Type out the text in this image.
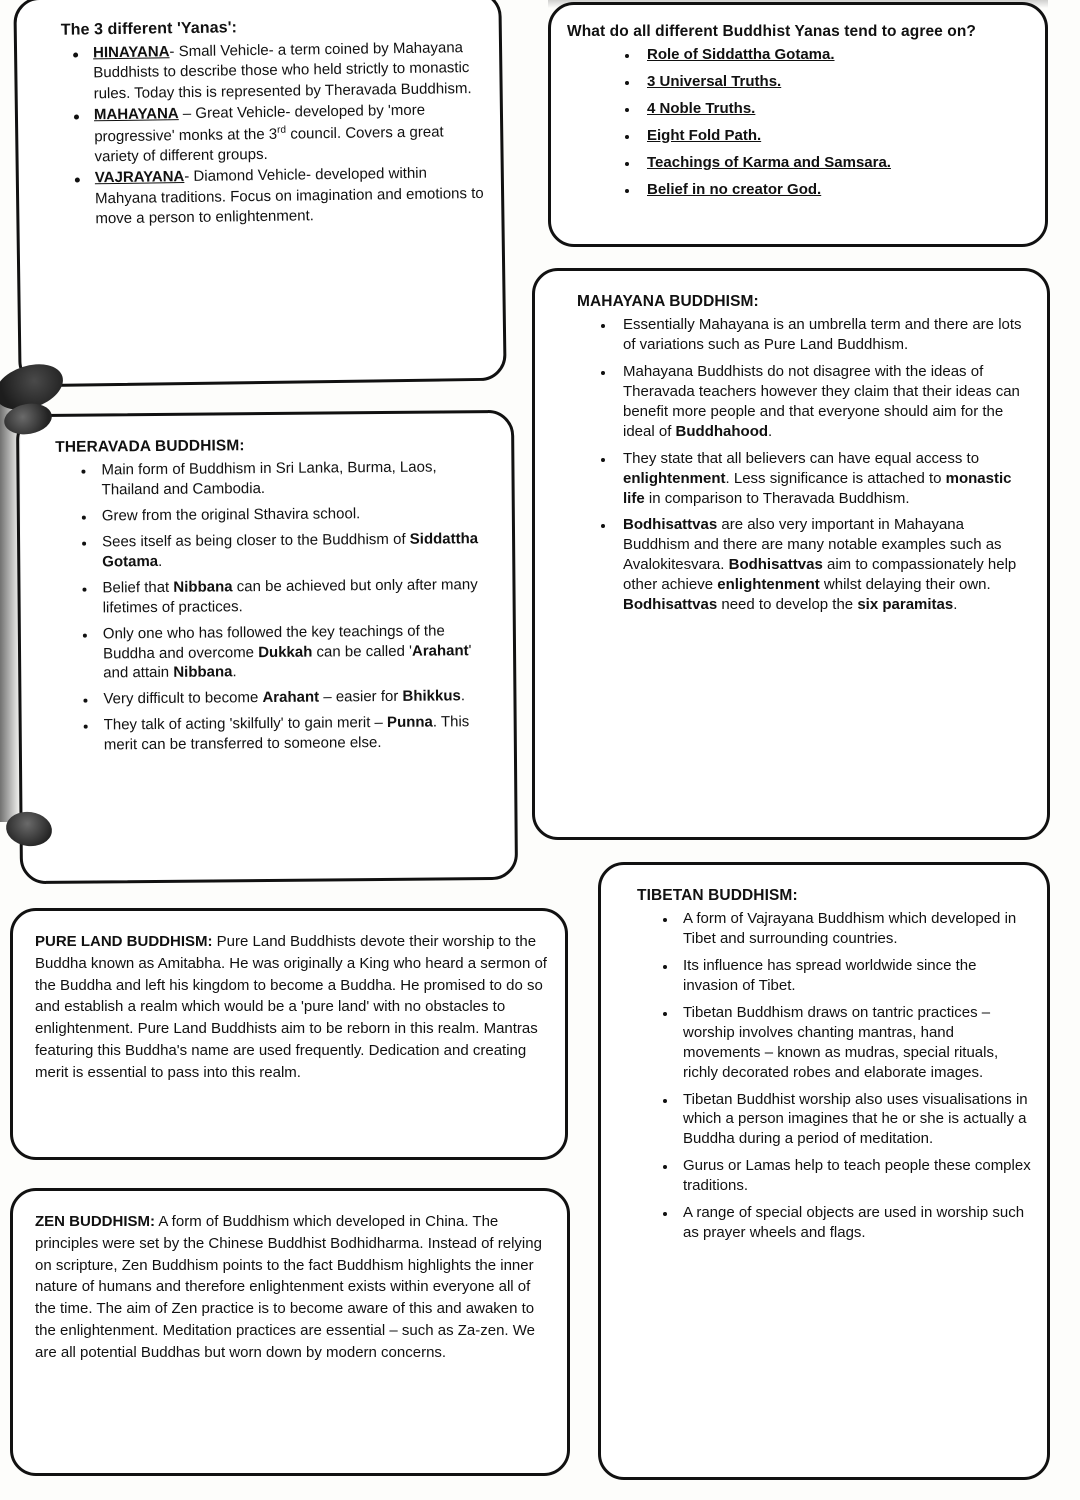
The 3 different 'Yanas':
HINAYANA- Small Vehicle- a term coined by Mahayana Buddhists to describe those who held strictly to monastic rules. Today this is represented by Theravada Buddhism.
MAHAYANA – Great Vehicle- developed by 'more progressive' monks at the 3rd council. Covers a great variety of different groups.
VAJRAYANA- Diamond Vehicle- developed within Mahyana traditions. Focus on imagination and emotions to move a person to enlightenment.
What do all different Buddhist Yanas tend to agree on?
Role of Siddattha Gotama.
3 Universal Truths.
4 Noble Truths.
Eight Fold Path.
Teachings of Karma and Samsara.
Belief in no creator God.
THERAVADA BUDDHISM:
Main form of Buddhism in Sri Lanka, Burma, Laos, Thailand and Cambodia.
Grew from the original Sthavira school.
Sees itself as being closer to the Buddhism of Siddattha Gotama.
Belief that Nibbana can be achieved but only after many lifetimes of practices.
Only one who has followed the key teachings of the Buddha and overcome Dukkah can be called 'Arahant' and attain Nibbana.
Very difficult to become Arahant – easier for Bhikkus.
They talk of acting 'skilfully' to gain merit – Punna. This merit can be transferred to someone else.
MAHAYANA BUDDHISM:
Essentially Mahayana is an umbrella term and there are lots of variations such as Pure Land Buddhism.
Mahayana Buddhists do not disagree with the ideas of Theravada teachers however they claim that their ideas can benefit more people and that everyone should aim for the ideal of Buddhahood.
They state that all believers can have equal access to enlightenment. Less significance is attached to monastic life in comparison to Theravada Buddhism.
Bodhisattvas are also very important in Mahayana Buddhism and there are many notable examples such as Avalokitesvara. Bodhisattvas aim to compassionately help other achieve enlightenment whilst delaying their own. Bodhisattvas need to develop the six paramitas.

PURE LAND BUDDHISM: Pure Land Buddhists devote their worship to the Buddha known as Amitabha. He was originally a King who heard a sermon of the Buddha and left his kingdom to become a Buddha. He promised to do so and establish a realm which would be a 'pure land' with no obstacles to enlightenment. Pure Land Buddhists aim to be reborn in this realm. Mantras featuring this Buddha's name are used frequently. Dedication and creating merit is essential to pass into this realm.

ZEN BUDDHISM: A form of Buddhism which developed in China. The principles were set by the Chinese Buddhist Bodhidharma. Instead of relying on scripture, Zen Buddhism points to the fact Buddhism highlights the inner nature of humans and therefore enlightenment exists within everyone all of the time. The aim of Zen practice is to become aware of this and awaken to the enlightenment. Meditation practices are essential – such as Za-zen. We are all potential Buddhas but worn down by modern concerns.

TIBETAN BUDDHISM:
A form of Vajrayana Buddhism which developed in Tibet and surrounding countries.
Its influence has spread worldwide since the invasion of Tibet.
Tibetan Buddhism draws on tantric practices – worship involves chanting mantras, hand movements – known as mudras, special rituals, richly decorated robes and elaborate images.
Tibetan Buddhist worship also uses visualisations in which a person imagines that he or she is actually a Buddha during a period of meditation.
Gurus or Lamas help to teach people these complex traditions.
A range of special objects are used in worship such as prayer wheels and flags.
